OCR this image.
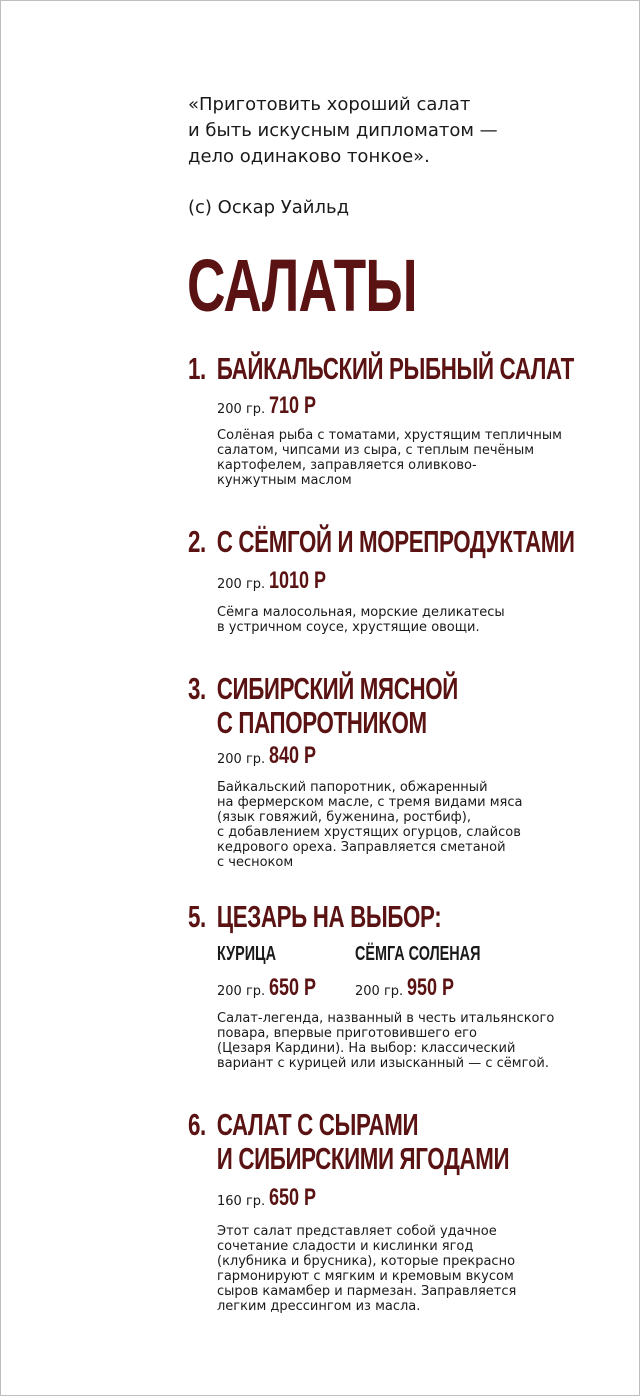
«Приготовить хороший салат
и быть искусным дипломатом —
дело одинаково тонкое».

(с) Оскар Уайльд
САЛАТЫ
1. БАЙКАЛЬСКИЙ РЫБНЫЙ САЛАТ
200 гр. 710 Р

Солёная рыба с томатами, хрустящим тепличным
салатом, чипсами из сыра, с теплым печёным
картофелем, заправляется оливково-
кунжутным маслом

2. С СЁМГОЙ И МОРЕПРОДУКТАМИ
200 гр. 1010 Р

Сёмга малосольная, морские деликатесы
в устричном соусе, хрустящие овощи.

3. СИБИРСКИЙ МЯСНОЙ
С ПАПОРОТНИКОМ
200 гр. 840 Р

Байкальский папоротник, обжаренный
на фермерском масле, с тремя видами мяса
(язык говяжий, буженина, ростбиф),
с добавлением хрустящих огурцов, слайсов
кедрового ореха. Заправляется сметаной
с чесноком

5. ЦЕЗАРЬ НА ВЫБОР:
КУРИЦА	СЁМГА СОЛЕНАЯ
200 гр. 650 Р	200 гр. 950 Р

Салат-легенда, названный в честь итальянского
повара, впервые приготовившего его
(Цезаря Кардини). На выбор: классический
вариант с курицей или изысканный — с сёмгой.

6. САЛАТ С СЫРАМИ
И СИБИРСКИМИ ЯГОДАМИ
160 гр. 650 Р

Этот салат представляет собой удачное
сочетание сладости и кислинки ягод
(клубника и брусника), которые прекрасно
гармонируют с мягким и кремовым вкусом
сыров камамбер и пармезан. Заправляется
легким дрессингом из масла.
